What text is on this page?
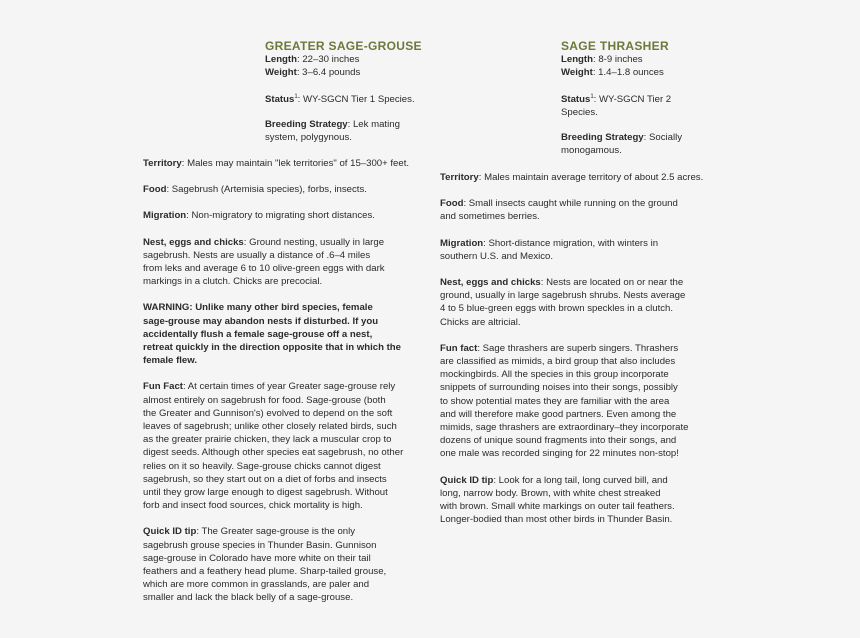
GREATER SAGE-GROUSE

Length: 22–30 inches

Weight: 3–6.4 pounds

Status$^1$: WY-SGCN Tier 1 Species.

Breeding Strategy: Lek mating

system, polygynous.

Territory: Males may maintain "lek territories" of 15–300+ feet.

Food: Sagebrush (Artemisia species), forbs, insects.

Migration: Non-migratory to migrating short distances.

Nest, eggs and chicks: Ground nesting, usually in large

sagebrush. Nests are usually a distance of .6–4 miles

from leks and average 6 to 10 olive-green eggs with dark

markings in a clutch. Chicks are precocial.

WARNING: Unlike many other bird species, female

sage-grouse may abandon nests if disturbed. If you

accidentally flush a female sage-grouse off a nest,

retreat quickly in the direction opposite that in which the

female flew.

Fun Fact: At certain times of year Greater sage-grouse rely

almost entirely on sagebrush for food. Sage-grouse (both

the Greater and Gunnison's) evolved to depend on the soft

leaves of sagebrush; unlike other closely related birds, such

as the greater prairie chicken, they lack a muscular crop to

digest seeds. Although other species eat sagebrush, no other

relies on it so heavily. Sage-grouse chicks cannot digest

sagebrush, so they start out on a diet of forbs and insects

until they grow large enough to digest sagebrush. Without

forb and insect food sources, chick mortality is high.

Quick ID tip: The Greater sage-grouse is the only

sagebrush grouse species in Thunder Basin. Gunnison

sage-grouse in Colorado have more white on their tail

feathers and a feathery head plume. Sharp-tailed grouse,

which are more common in grasslands, are paler and

smaller and lack the black belly of a sage-grouse.

SAGE THRASHER

Length: 8-9 inches

Weight: 1.4–1.8 ounces

Status$^1$: WY-SGCN Tier 2

Species.

Breeding Strategy: Socially

monogamous.

Territory: Males maintain average territory of about 2.5 acres.

Food: Small insects caught while running on the ground

and sometimes berries.

Migration: Short-distance migration, with winters in

southern U.S. and Mexico.

Nest, eggs and chicks: Nests are located on or near the

ground, usually in large sagebrush shrubs. Nests average

4 to 5 blue-green eggs with brown speckles in a clutch.

Chicks are altricial.

Fun fact: Sage thrashers are superb singers. Thrashers

are classified as mimids, a bird group that also includes

mockingbirds. All the species in this group incorporate

snippets of surrounding noises into their songs, possibly

to show potential mates they are familiar with the area

and will therefore make good partners. Even among the

mimids, sage thrashers are extraordinary–they incorporate

dozens of unique sound fragments into their songs, and

one male was recorded singing for 22 minutes non-stop!

Quick ID tip: Look for a long tail, long curved bill, and

long, narrow body. Brown, with white chest streaked

with brown. Small white markings on outer tail feathers.

Longer-bodied than most other birds in Thunder Basin.
